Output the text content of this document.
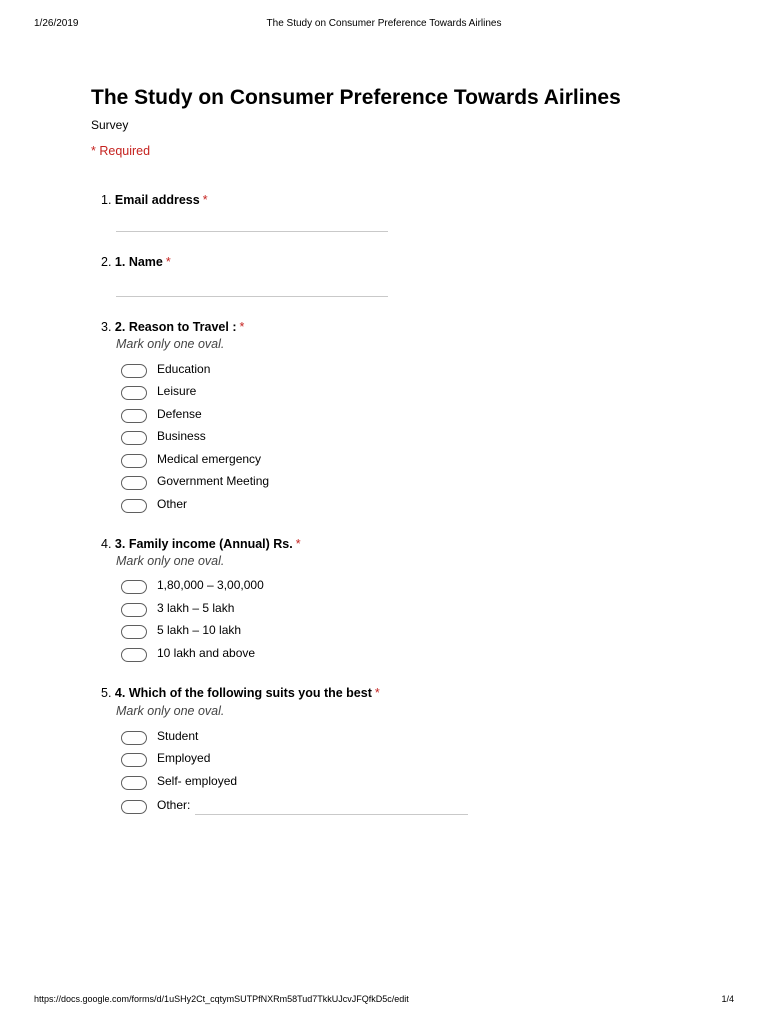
1/26/2019	The Study on Consumer Preference Towards Airlines
The Study on Consumer Preference Towards Airlines
Survey
* Required
1. Email address *
2. 1. Name *
3. 2. Reason to Travel : *
Mark only one oval.
Education
Leisure
Defense
Business
Medical emergency
Government Meeting
Other
4. 3. Family income (Annual) Rs. *
Mark only one oval.
1,80,000 – 3,00,000
3 lakh – 5 lakh
5 lakh – 10 lakh
10 lakh and above
5. 4. Which of the following suits you the best *
Mark only one oval.
Student
Employed
Self- employed
Other:
https://docs.google.com/forms/d/1uSHy2Ct_cqtymSUTPfNXRm58Tud7TkkUJcvJFQfkD5c/edit	1/4
